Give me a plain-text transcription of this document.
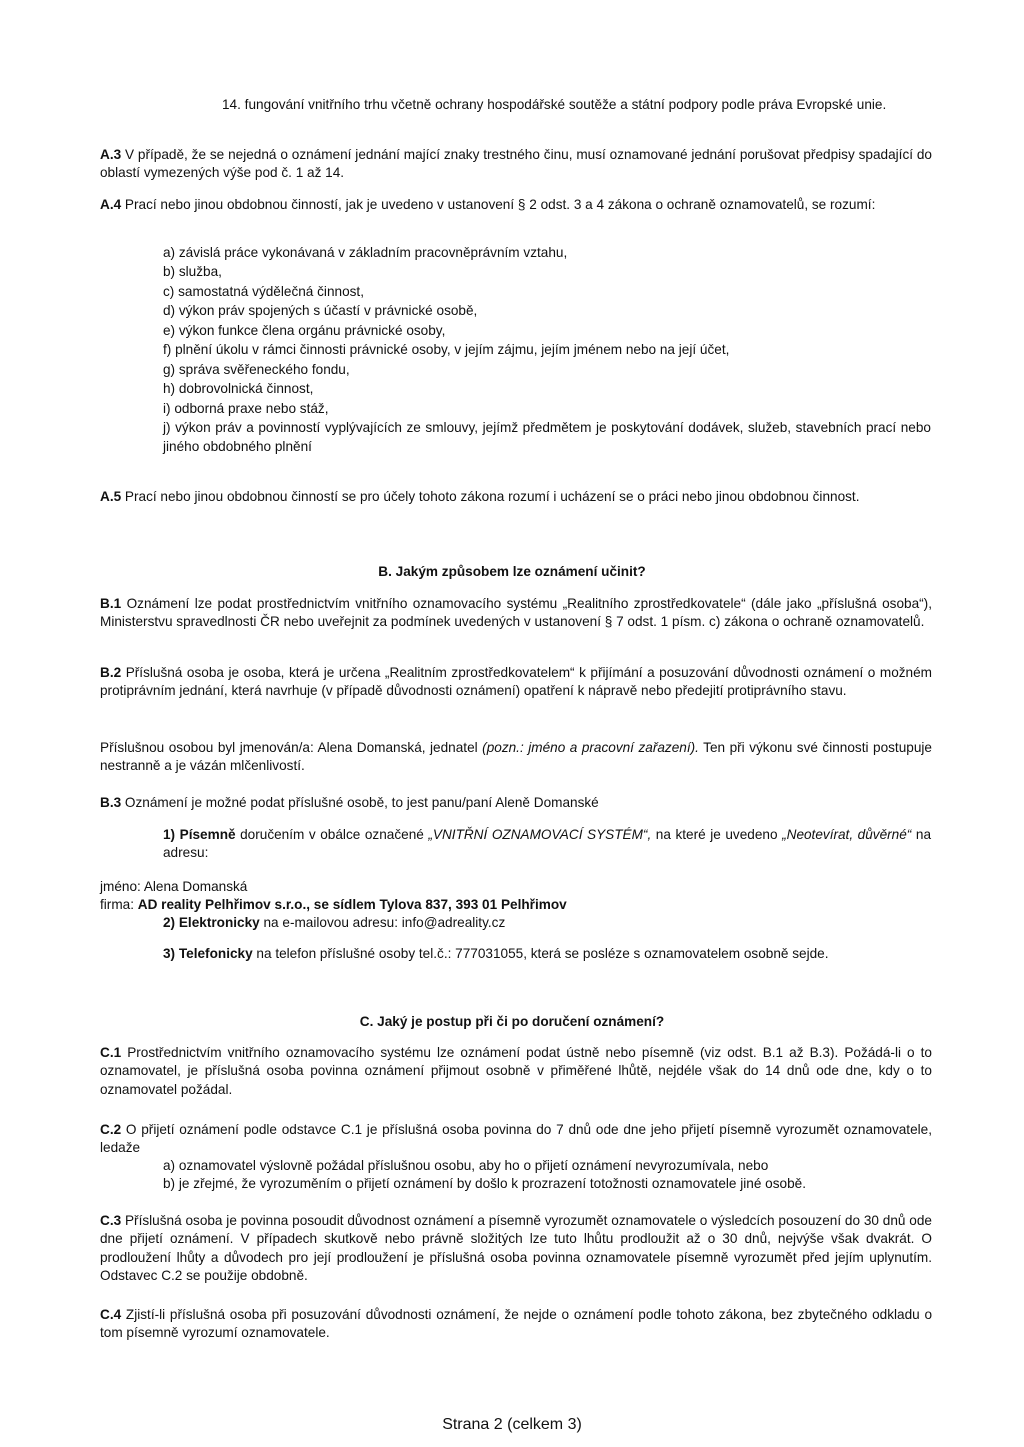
14. fungování vnitřního trhu včetně ochrany hospodářské soutěže a státní podpory podle práva Evropské unie.

A.3 V případě, že se nejedná o oznámení jednání mající znaky trestného činu, musí oznamované jednání porušovat předpisy spadající do oblastí vymezených výše pod č. 1 až 14.

A.4 Prací nebo jinou obdobnou činností, jak je uvedeno v ustanovení § 2 odst. 3 a 4 zákona o ochraně oznamovatelů, se rozumí:

a) závislá práce vykonávaná v základním pracovněprávním vztahu,

b) služba,

c) samostatná výdělečná činnost,

d) výkon práv spojených s účastí v právnické osobě,

e) výkon funkce člena orgánu právnické osoby,

f) plnění úkolu v rámci činnosti právnické osoby, v jejím zájmu, jejím jménem nebo na její účet,

g) správa svěřeneckého fondu,

h) dobrovolnická činnost,

i) odborná praxe nebo stáž,

j) výkon práv a povinností vyplývajících ze smlouvy, jejímž předmětem je poskytování dodávek, služeb, stavebních prací nebo jiného obdobného plnění

A.5 Prací nebo jinou obdobnou činností se pro účely tohoto zákona rozumí i ucházení se o práci nebo jinou obdobnou činnost.

B. Jakým způsobem lze oznámení učinit?

B.1 Oznámení lze podat prostřednictvím vnitřního oznamovacího systému „Realitního zprostředkovatele“ (dále jako „příslušná osoba“), Ministerstvu spravedlnosti ČR nebo uveřejnit za podmínek uvedených v ustanovení § 7 odst. 1 písm. c) zákona o ochraně oznamovatelů.

B.2 Příslušná osoba je osoba, která je určena „Realitním zprostředkovatelem“ k přijímání a posuzování důvodnosti oznámení o možném protiprávním jednání, která navrhuje (v případě důvodnosti oznámení) opatření k nápravě nebo předejití protiprávního stavu.

Příslušnou osobou byl jmenován/a: Alena Domanská, jednatel (pozn.: jméno a pracovní zařazení). Ten při výkonu své činnosti postupuje nestranně a je vázán mlčenlivostí.

B.3 Oznámení je možné podat příslušné osobě, to jest panu/paní Aleně Domanské

1) Písemně doručením v obálce označené „VNITŘNÍ OZNAMOVACÍ SYSTÉM“, na které je uvedeno „Neotevírat, důvěrné“ na adresu:

jméno: Alena Domanská

firma: AD reality Pelhřimov s.r.o., se sídlem Tylova 837, 393 01 Pelhřimov

2) Elektronicky na e-mailovou adresu: info@adreality.cz

3) Telefonicky na telefon příslušné osoby tel.č.: 777031055, která se posléze s oznamovatelem osobně sejde.

C. Jaký je postup při či po doručení oznámení?

C.1 Prostřednictvím vnitřního oznamovacího systému lze oznámení podat ústně nebo písemně (viz odst. B.1 až B.3). Požádá-li o to oznamovatel, je příslušná osoba povinna oznámení přijmout osobně v přiměřené lhůtě, nejdéle však do 14 dnů ode dne, kdy o to oznamovatel požádal.

C.2 O přijetí oznámení podle odstavce C.1 je příslušná osoba povinna do 7 dnů ode dne jeho přijetí písemně vyrozumět oznamovatele, ledaže

a) oznamovatel výslovně požádal příslušnou osobu, aby ho o přijetí oznámení nevyrozumívala, nebo

b) je zřejmé, že vyrozuměním o přijetí oznámení by došlo k prozrazení totožnosti oznamovatele jiné osobě.

C.3 Příslušná osoba je povinna posoudit důvodnost oznámení a písemně vyrozumět oznamovatele o výsledcích posouzení do 30 dnů ode dne přijetí oznámení. V případech skutkově nebo právně složitých lze tuto lhůtu prodloužit až o 30 dnů, nejvýše však dvakrát. O prodloužení lhůty a důvodech pro její prodloužení je příslušná osoba povinna oznamovatele písemně vyrozumět před jejím uplynutím. Odstavec C.2 se použije obdobně.

C.4 Zjistí-li příslušná osoba při posuzování důvodnosti oznámení, že nejde o oznámení podle tohoto zákona, bez zbytečného odkladu o tom písemně vyrozumí oznamovatele.

Strana 2 (celkem 3)
